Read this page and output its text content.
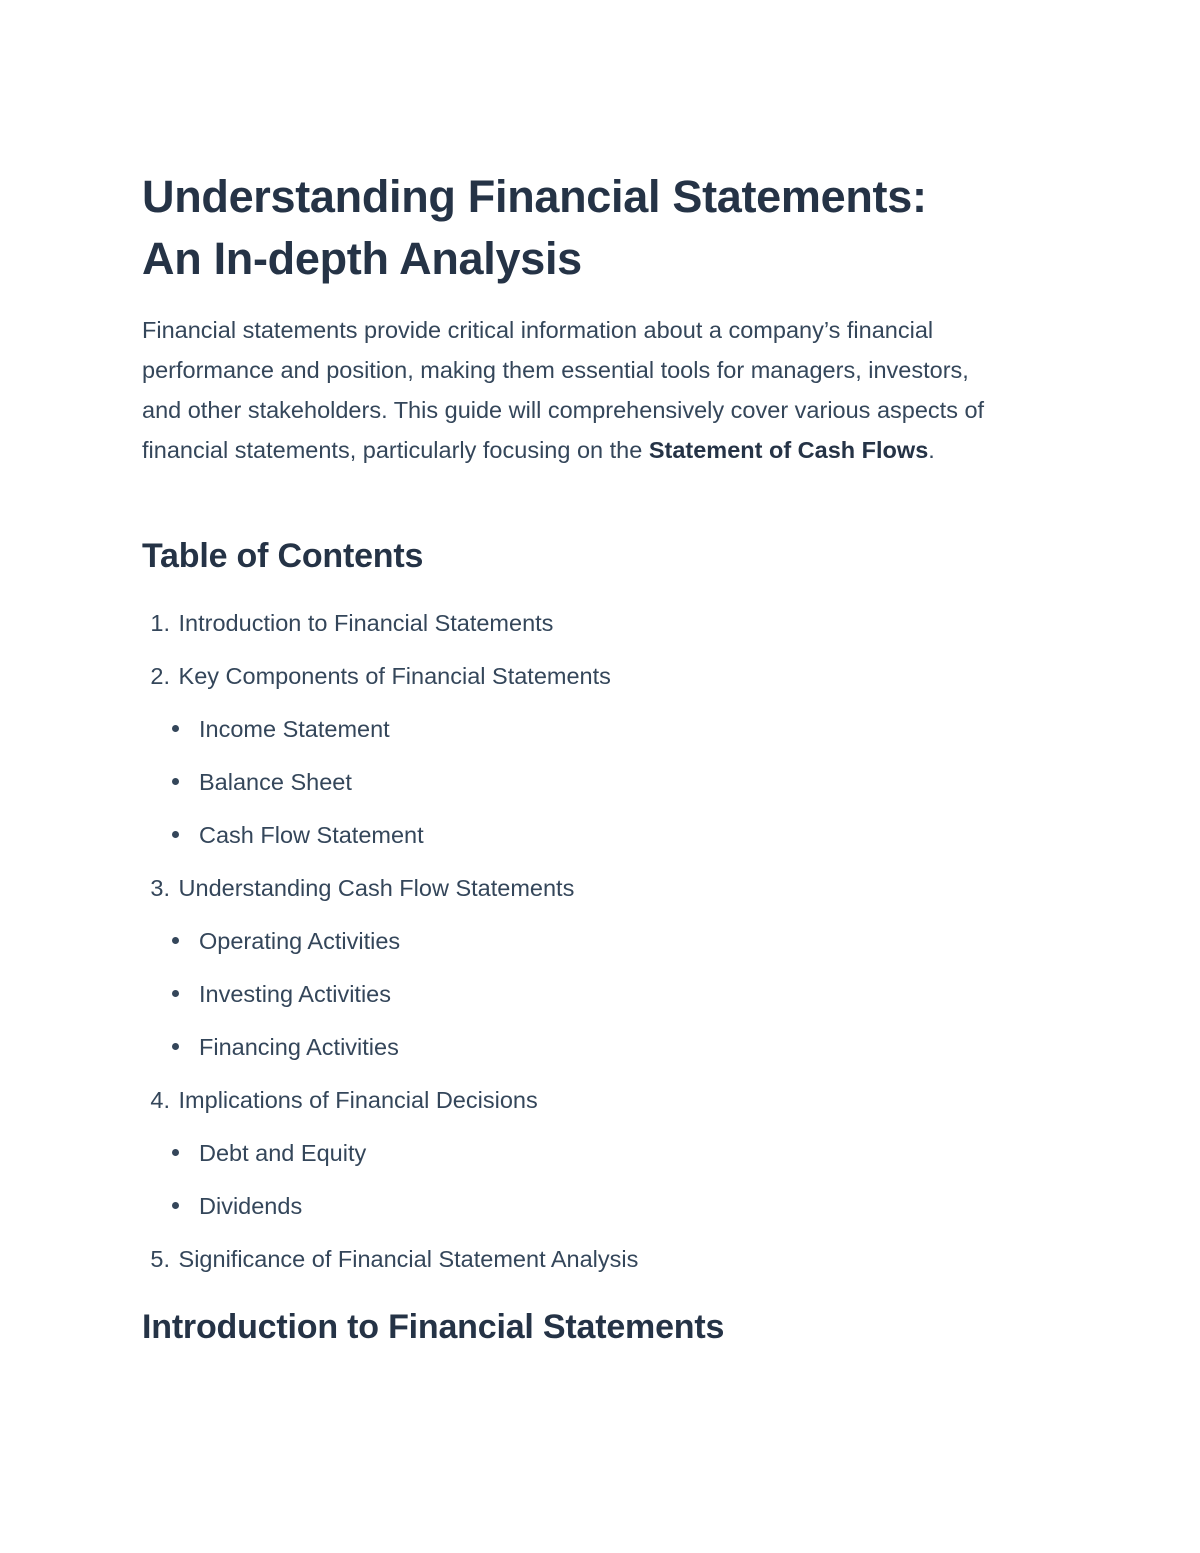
Understanding Financial Statements:
An In-depth Analysis

Financial statements provide critical information about a company’s financial performance and position, making them essential tools for managers, investors, and other stakeholders. This guide will comprehensively cover various aspects of financial statements, particularly focusing on the Statement of Cash Flows.

Table of Contents
1. Introduction to Financial Statements
2. Key Components of Financial Statements
Income Statement
Balance Sheet
Cash Flow Statement
3. Understanding Cash Flow Statements
Operating Activities
Investing Activities
Financing Activities
4. Implications of Financial Decisions
Debt and Equity
Dividends
5. Significance of Financial Statement Analysis
Introduction to Financial Statements
